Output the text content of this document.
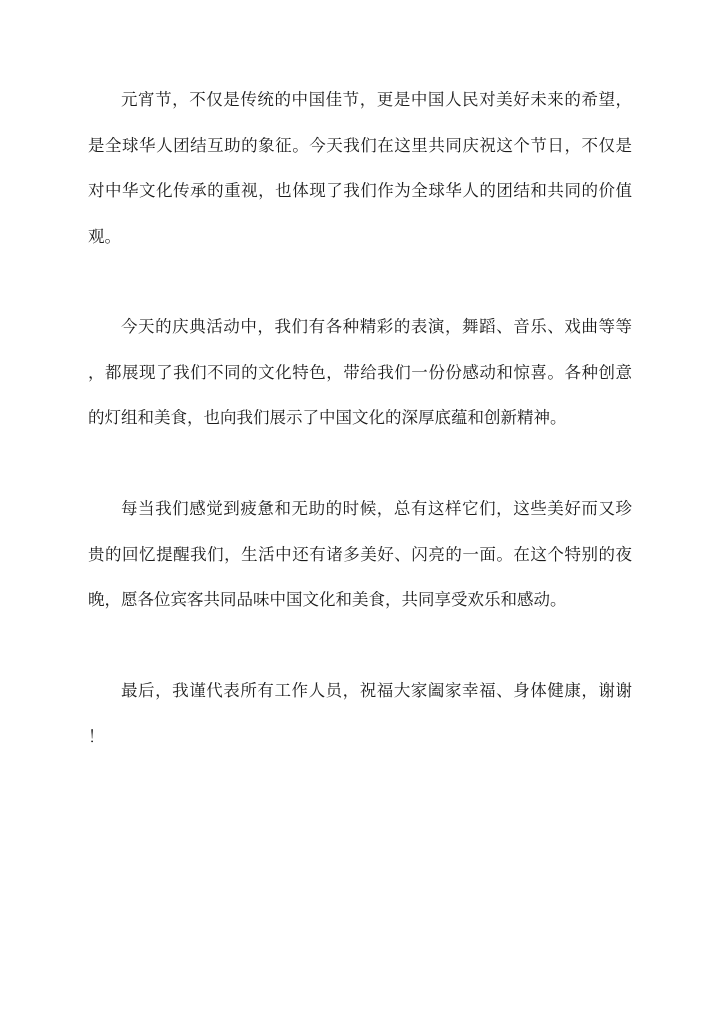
元宵节，不仅是传统的中国佳节，更是中国人民对美好未来的希望，
是全球华人团结互助的象征。今天我们在这里共同庆祝这个节日，不仅是
对中华文化传承的重视，也体现了我们作为全球华人的团结和共同的价值
观。
今天的庆典活动中，我们有各种精彩的表演，舞蹈、音乐、戏曲等等
，都展现了我们不同的文化特色，带给我们一份份感动和惊喜。各种创意
的灯组和美食，也向我们展示了中国文化的深厚底蕴和创新精神。
每当我们感觉到疲惫和无助的时候，总有这样它们，这些美好而又珍
贵的回忆提醒我们，生活中还有诸多美好、闪亮的一面。在这个特别的夜
晚，愿各位宾客共同品味中国文化和美食，共同享受欢乐和感动。
最后，我谨代表所有工作人员，祝福大家阖家幸福、身体健康，谢谢
！
